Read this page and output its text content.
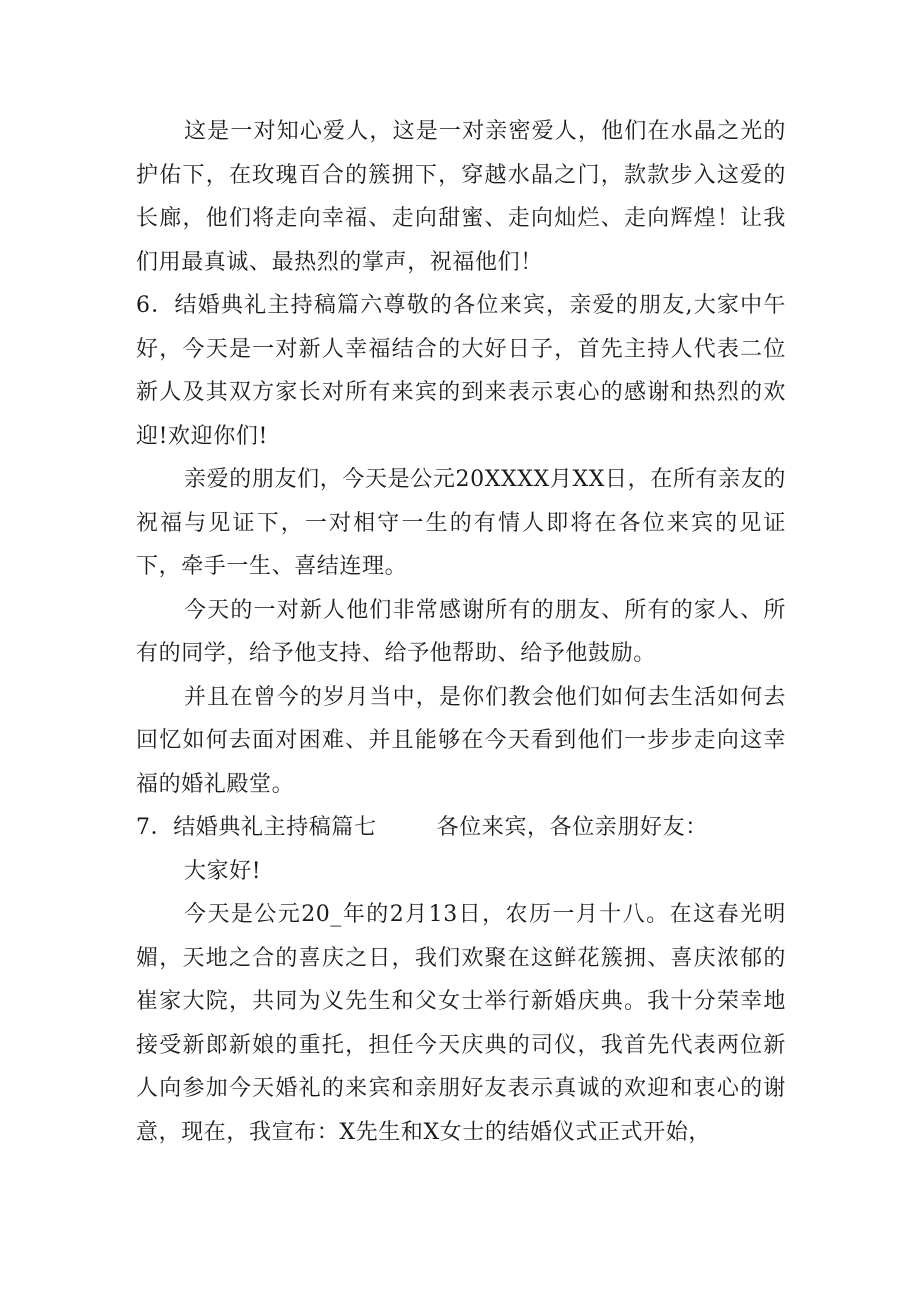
这是一对知心爱人，这是一对亲密爱人，他们在水晶之光的护佑下，在玫瑰百合的簇拥下，穿越水晶之门，款款步入这爱的长廊，他们将走向幸福、走向甜蜜、走向灿烂、走向辉煌！让我们用最真诚、最热烈的掌声，祝福他们！

6．结婚典礼主持稿篇六尊敬的各位来宾，亲爱的朋友,大家中午好，今天是一对新人幸福结合的大好日子，首先主持人代表二位新人及其双方家长对所有来宾的到来表示衷心的感谢和热烈的欢迎!欢迎你们!

亲爱的朋友们，今天是公元20XXXX月XX日，在所有亲友的祝福与见证下，一对相守一生的有情人即将在各位来宾的见证下，牵手一生、喜结连理。

今天的一对新人他们非常感谢所有的朋友、所有的家人、所有的同学，给予他支持、给予他帮助、给予他鼓励。

并且在曾今的岁月当中，是你们教会他们如何去生活如何去回忆如何去面对困难、并且能够在今天看到他们一步步走向这幸福的婚礼殿堂。

7．结婚典礼主持稿篇七	各位来宾，各位亲朋好友：

大家好!

今天是公元20_年的2月13日，农历一月十八。在这春光明媚，天地之合的喜庆之日，我们欢聚在这鲜花簇拥、喜庆浓郁的崔家大院，共同为义先生和父女士举行新婚庆典。我十分荣幸地接受新郎新娘的重托，担任今天庆典的司仪，我首先代表两位新人向参加今天婚礼的来宾和亲朋好友表示真诚的欢迎和衷心的谢意，现在，我宣布：X先生和X女士的结婚仪式正式开始，
